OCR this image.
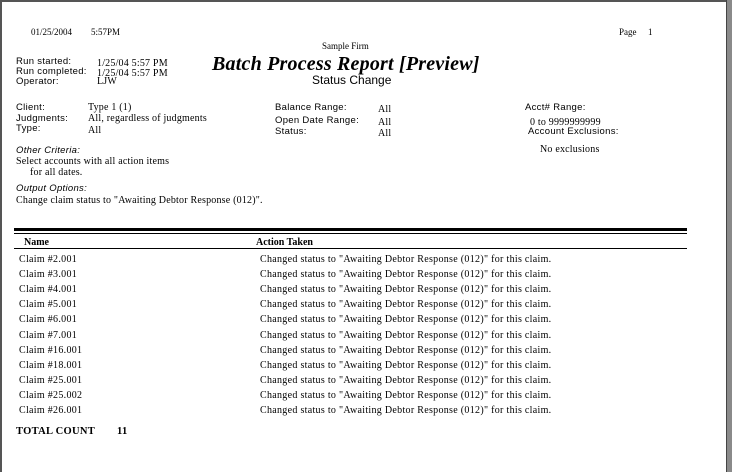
01/25/2004 5:57PM	Page 1
Sample Firm
Run started:	1/25/04 5:57 PM
Run completed: 1/25/04 5:57 PM
Operator:	LJW
Batch Process Report [Preview]
Status Change
Client:	Type 1 (1)
Judgments: All, regardless of judgments
Type:	All
Balance Range:	All
Open Date Range: All
Status:	All
Acct# Range:
0 to 9999999999
Account Exclusions:
No exclusions
Other Criteria:
Select accounts with all action items
for all dates.
Output Options:
Change claim status to "Awaiting Debtor Response (012)".
Name	Action Taken
Claim #2.001	Changed status to "Awaiting Debtor Response (012)" for this claim.
Claim #3.001	Changed status to "Awaiting Debtor Response (012)" for this claim.
Claim #4.001	Changed status to "Awaiting Debtor Response (012)" for this claim.
Claim #5.001	Changed status to "Awaiting Debtor Response (012)" for this claim.
Claim #6.001	Changed status to "Awaiting Debtor Response (012)" for this claim.
Claim #7.001	Changed status to "Awaiting Debtor Response (012)" for this claim.
Claim #16.001	Changed status to "Awaiting Debtor Response (012)" for this claim.
Claim #18.001	Changed status to "Awaiting Debtor Response (012)" for this claim.
Claim #25.001	Changed status to "Awaiting Debtor Response (012)" for this claim.
Claim #25.002	Changed status to "Awaiting Debtor Response (012)" for this claim.
Claim #26.001	Changed status to "Awaiting Debtor Response (012)" for this claim.
TOTAL COUNT 11
